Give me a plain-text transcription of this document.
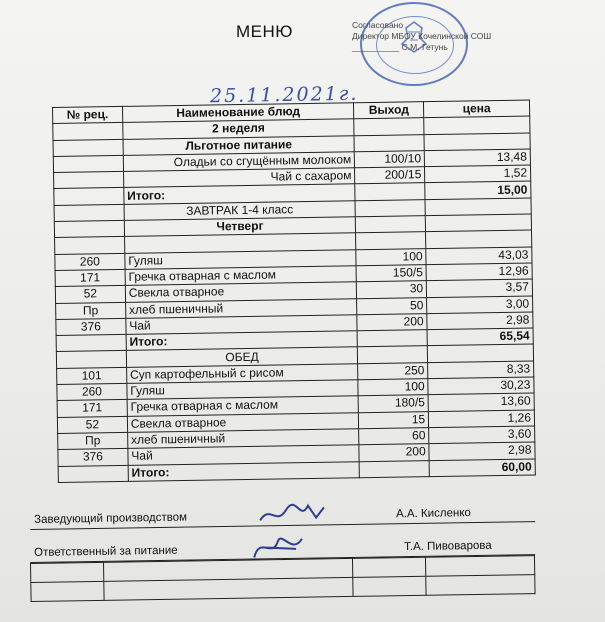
МЕНЮ	Согласовано
Директор МБОУ Кочелинской СОШ
__________ С.М. Гетунь
25.11.2021г.
№ рец.	Наименование блюд	Выход	цена
	2 неделя		
	Льготное питание		
	Оладьи со сгущённым молоком	100/10	13,48
	Чай с сахаром	200/15	1,52
	Итого:		15,00
	ЗАВТРАК 1-4 класс		
	Четверг		

260	Гуляш	100	43,03
171	Гречка отварная с маслом	150/5	12,96
52	Свекла отварное	30	3,57
Пр	хлеб пшеничный	50	3,00
376	Чай	200	2,98
	Итого:		65,54
	ОБЕД		
101	Суп картофельный с рисом	250	8,33
260	Гуляш	100	30,23
171	Гречка отварная с маслом	180/5	13,60
52	Свекла отварное	15	1,26
Пр	хлеб пшеничный	60	3,60
376	Чай	200	2,98
	Итого:		60,00
Заведующий производством	А.А. Кисленко
Ответственный за питание	Т.А. Пивоварова
